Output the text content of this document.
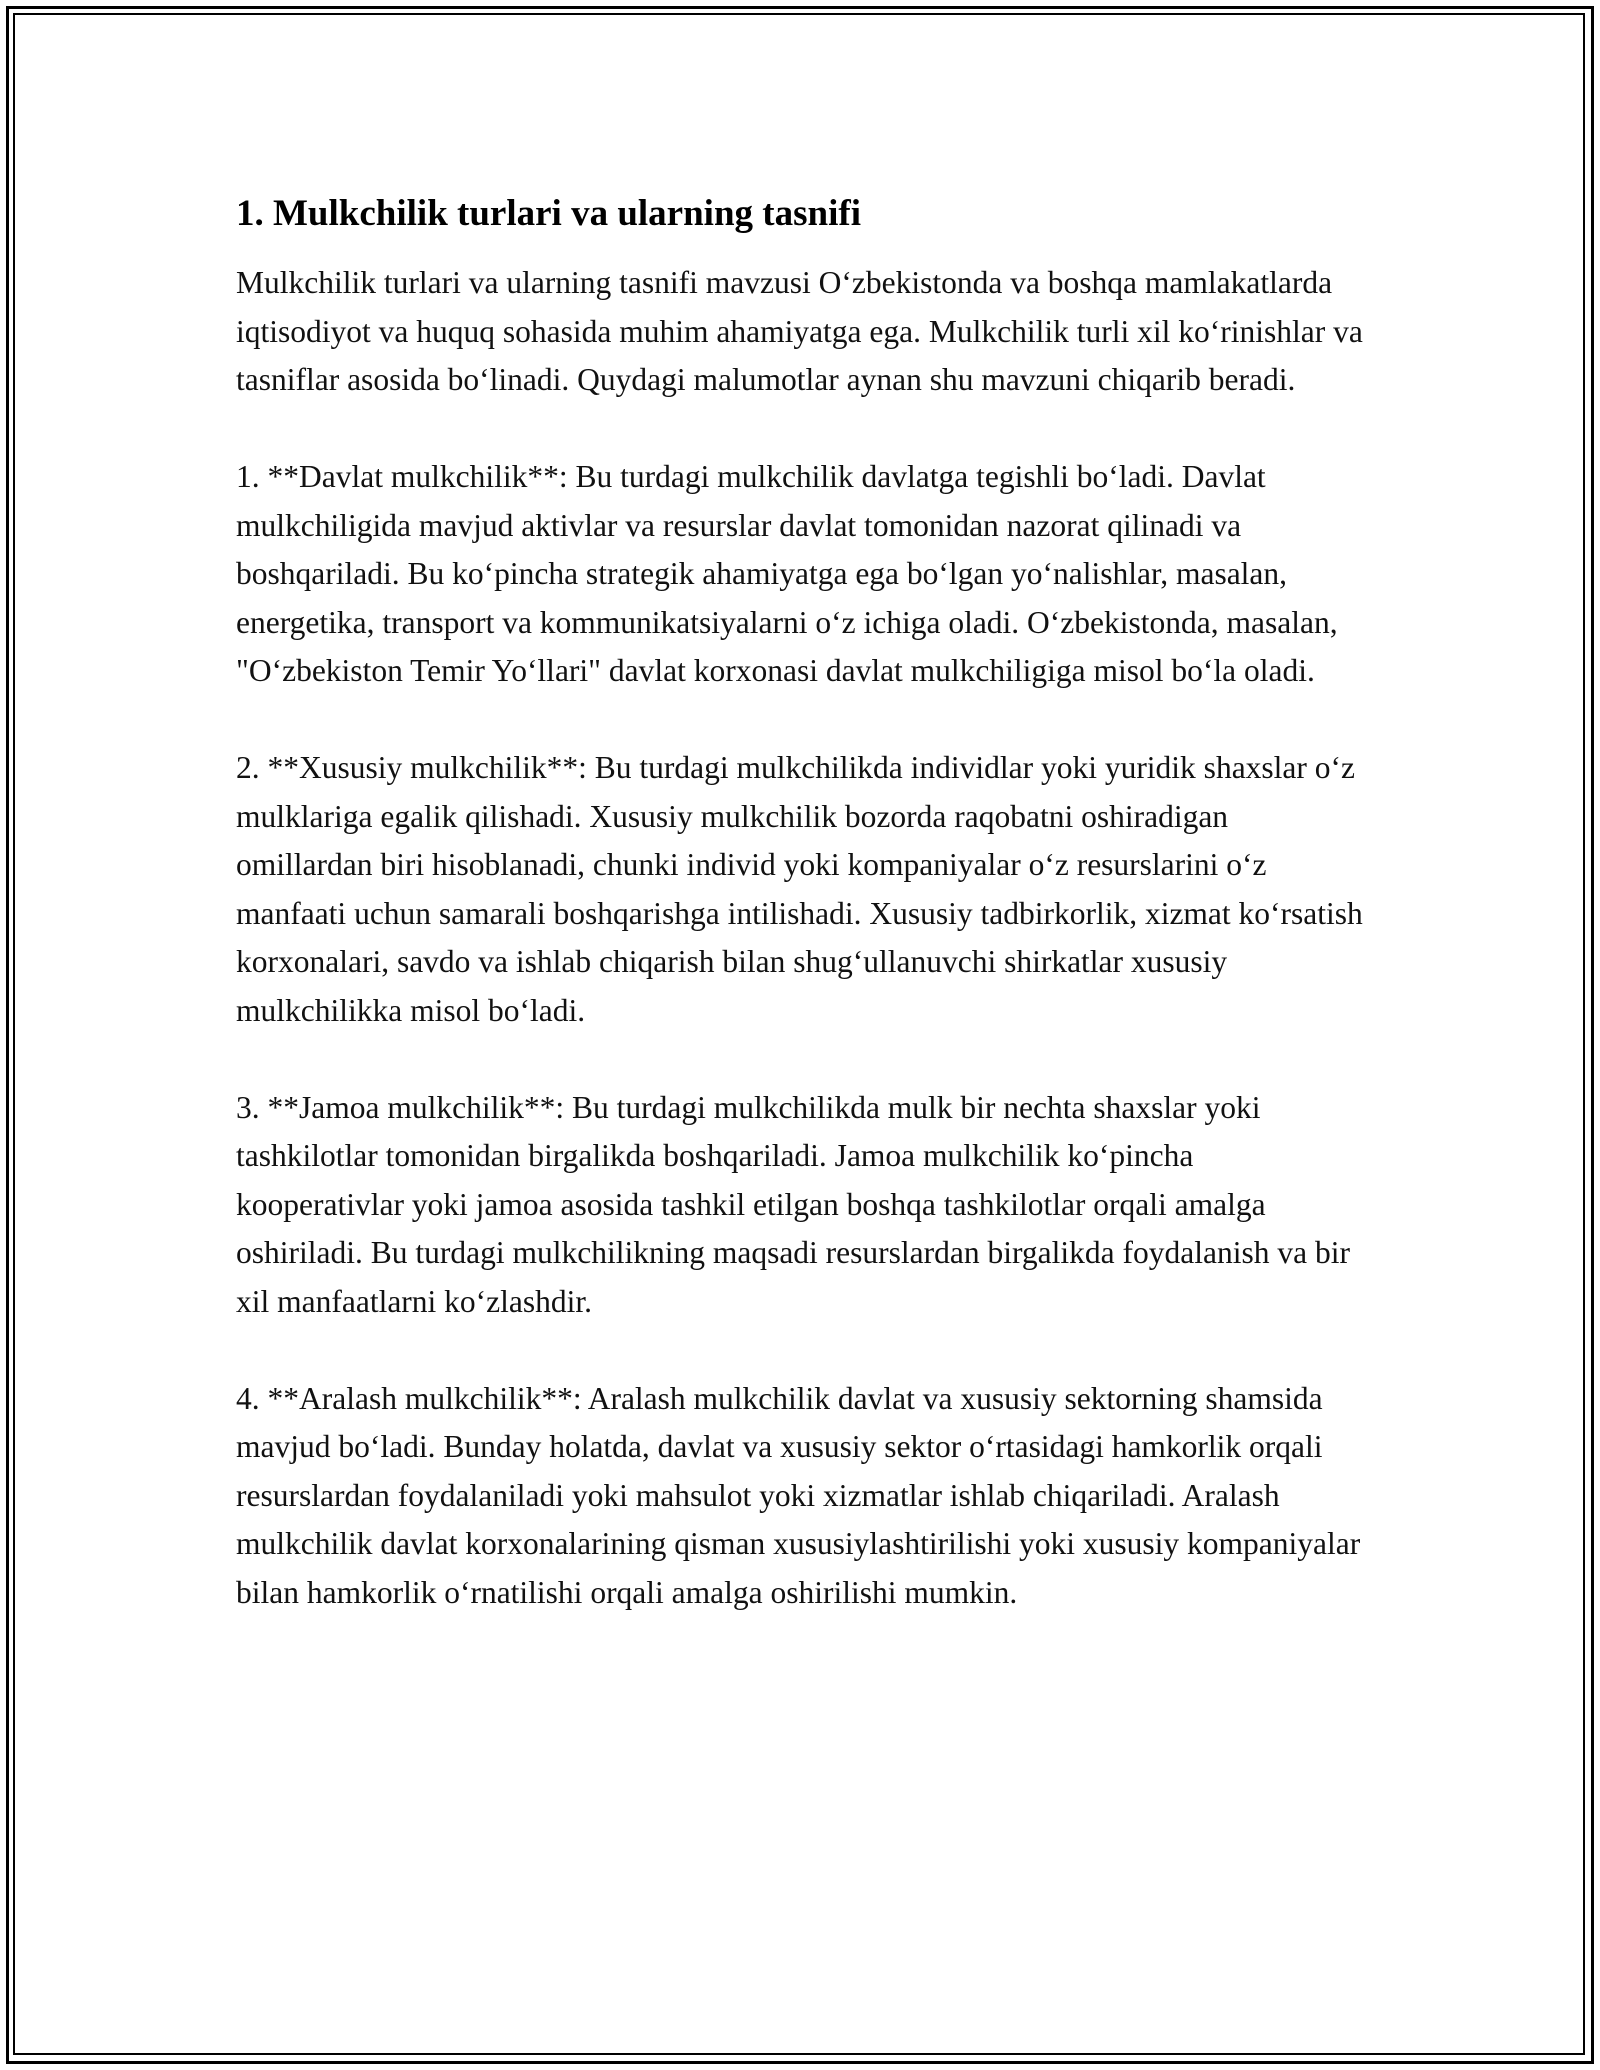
1. Mulkchilik turlari va ularning tasnifi

Mulkchilik turlari va ularning tasnifi mavzusi O‘zbekistonda va boshqa mamlakatlarda iqtisodiyot va huquq sohasida muhim ahamiyatga ega. Mulkchilik turli xil ko‘rinishlar va tasniflar asosida bo‘linadi. Quydagi malumotlar aynan shu mavzuni chiqarib beradi.

1. **Davlat mulkchilik**: Bu turdagi mulkchilik davlatga tegishli bo‘ladi. Davlat mulkchiligida mavjud aktivlar va resurslar davlat tomonidan nazorat qilinadi va boshqariladi. Bu ko‘pincha strategik ahamiyatga ega bo‘lgan yo‘nalishlar, masalan, energetika, transport va kommunikatsiyalarni o‘z ichiga oladi. O‘zbekistonda, masalan, "O‘zbekiston Temir Yo‘llari" davlat korxonasi davlat mulkchiligiga misol bo‘la oladi.

2. **Xususiy mulkchilik**: Bu turdagi mulkchilikda individlar yoki yuridik shaxslar o‘z mulklariga egalik qilishadi. Xususiy mulkchilik bozorda raqobatni oshiradigan omillardan biri hisoblanadi, chunki individ yoki kompaniyalar o‘z resurslarini o‘z manfaati uchun samarali boshqarishga intilishadi. Xususiy tadbirkorlik, xizmat ko‘rsatish korxonalari, savdo va ishlab chiqarish bilan shug‘ullanuvchi shirkatlar xususiy mulkchilikka misol bo‘ladi.

3. **Jamoa mulkchilik**: Bu turdagi mulkchilikda mulk bir nechta shaxslar yoki tashkilotlar tomonidan birgalikda boshqariladi. Jamoa mulkchilik ko‘pincha kooperativlar yoki jamoa asosida tashkil etilgan boshqa tashkilotlar orqali amalga oshiriladi. Bu turdagi mulkchilikning maqsadi resurslardan birgalikda foydalanish va bir xil manfaatlarni ko‘zlashdir.

4. **Aralash mulkchilik**: Aralash mulkchilik davlat va xususiy sektorning shamsida mavjud bo‘ladi. Bunday holatda, davlat va xususiy sektor o‘rtasidagi hamkorlik orqali resurslardan foydalaniladi yoki mahsulot yoki xizmatlar ishlab chiqariladi. Aralash mulkchilik davlat korxonalarining qisman xususiylashtirilishi yoki xususiy kompaniyalar bilan hamkorlik o‘rnatilishi orqali amalga oshirilishi mumkin.
